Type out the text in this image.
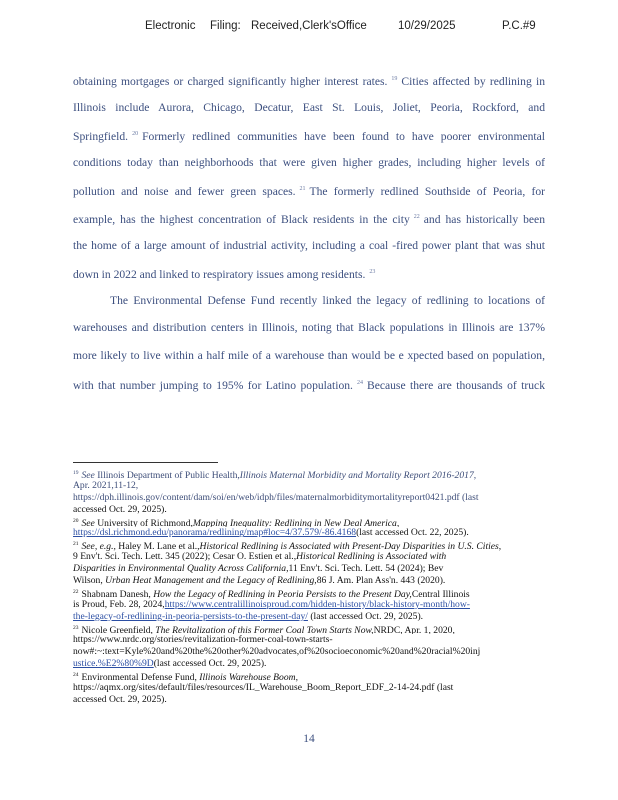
Electronic Filing: Received,Clerk'sOffice	10/29/2025	P.C.#9
obtaining mortgages or charged significantly higher interest rates. $^{19}$ Cities affected by redlining in
Illinois include Aurora, Chicago, Decatur, East St. Louis, Joliet, Peoria, Rockford, and
Springfield. $^{20}$ Formerly redlined communities have been found to have poorer environmental
conditions today than neighborhoods that were given higher grades, including higher levels of
pollution and noise and fewer green spaces. $^{21}$ The formerly redlined Southside of Peoria, for
example, has the highest concentration of Black residents in the city $^{22}$ and has historically been
the home of a large amount of industrial activity, including a coal -fired power plant that was shut
down in 2022 and linked to respiratory issues among residents. $^{23}$
The Environmental Defense Fund recently linked the legacy of redlining to locations of
warehouses and distribution centers in Illinois, noting that Black populations in Illinois are 137%
more likely to live within a half mile of a warehouse than would be e xpected based on population,
with that number jumping to 195% for Latino population. $^{24}$ Because there are thousands of truck
$^{19}$ See Illinois Department of Public Health,Illinois Maternal Morbidity and Mortality Report 2016-2017,
Apr. 2021,11-12,
https://dph.illinois.gov/content/dam/soi/en/web/idph/files/maternalmorbiditymortalityreport0421.pdf (last
accessed Oct. 29, 2025).
$^{20}$ See University of Richmond,Mapping Inequality: Redlining in New Deal America,
https://dsl.richmond.edu/panorama/redlining/map#loc=4/37.579/-86.4168(last accessed Oct. 22, 2025).
$^{21}$ See, e.g., Haley M. Lane et al.,Historical Redlining is Associated with Present-Day Disparities in U.S. Cities,
9 Env't. Sci. Tech. Lett. 345 (2022); Cesar O. Estien et al.,Historical Redlining is Associated with
Disparities in Environmental Quality Across California,11 Env't. Sci. Tech. Lett. 54 (2024); Bev
Wilson, Urban Heat Management and the Legacy of Redlining,86 J. Am. Plan Ass'n. 443 (2020).
$^{22}$ Shabnam Danesh, How the Legacy of Redlining in Peoria Persists to the Present Day,Central Illinois
is Proud, Feb. 28, 2024,https://www.centralillinoisproud.com/hidden-history/black-history-month/how-
the-legacy-of-redlining-in-peoria-persists-to-the-present-day/ (last accessed Oct. 29, 2025).
$^{23}$ Nicole Greenfield, The Revitalization of this Former Coal Town Starts Now,NRDC, Apr. 1, 2020,
https://www.nrdc.org/stories/revitalization-former-coal-town-starts-
now#:~:text=Kyle%20and%20the%20other%20advocates,of%20socioeconomic%20and%20racial%20inj
ustice.%E2%80%9D(last accessed Oct. 29, 2025).
$^{24}$ Environmental Defense Fund, Illinois Warehouse Boom,
https://aqmx.org/sites/default/files/resources/IL_Warehouse_Boom_Report_EDF_2-14-24.pdf (last
accessed Oct. 29, 2025).
14
